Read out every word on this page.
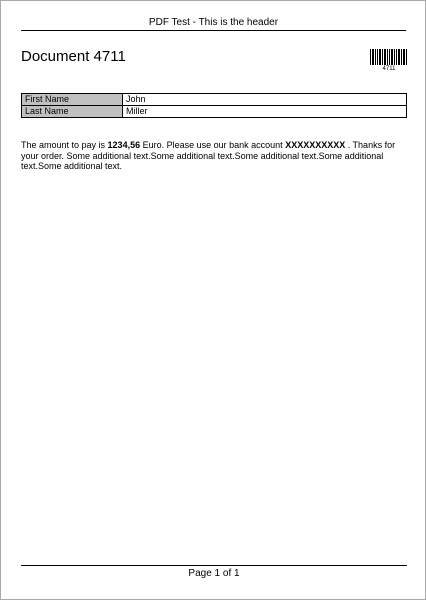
PDF Test - This is the header
Document 4711
4711
First Name	John
Last Name	Miller
The amount to pay is 1234,56 Euro. Please use our bank account XXXXXXXXXX . Thanks for your order. Some additional text.Some additional text.Some additional text.Some additional text.Some additional text.
Page 1 of 1
